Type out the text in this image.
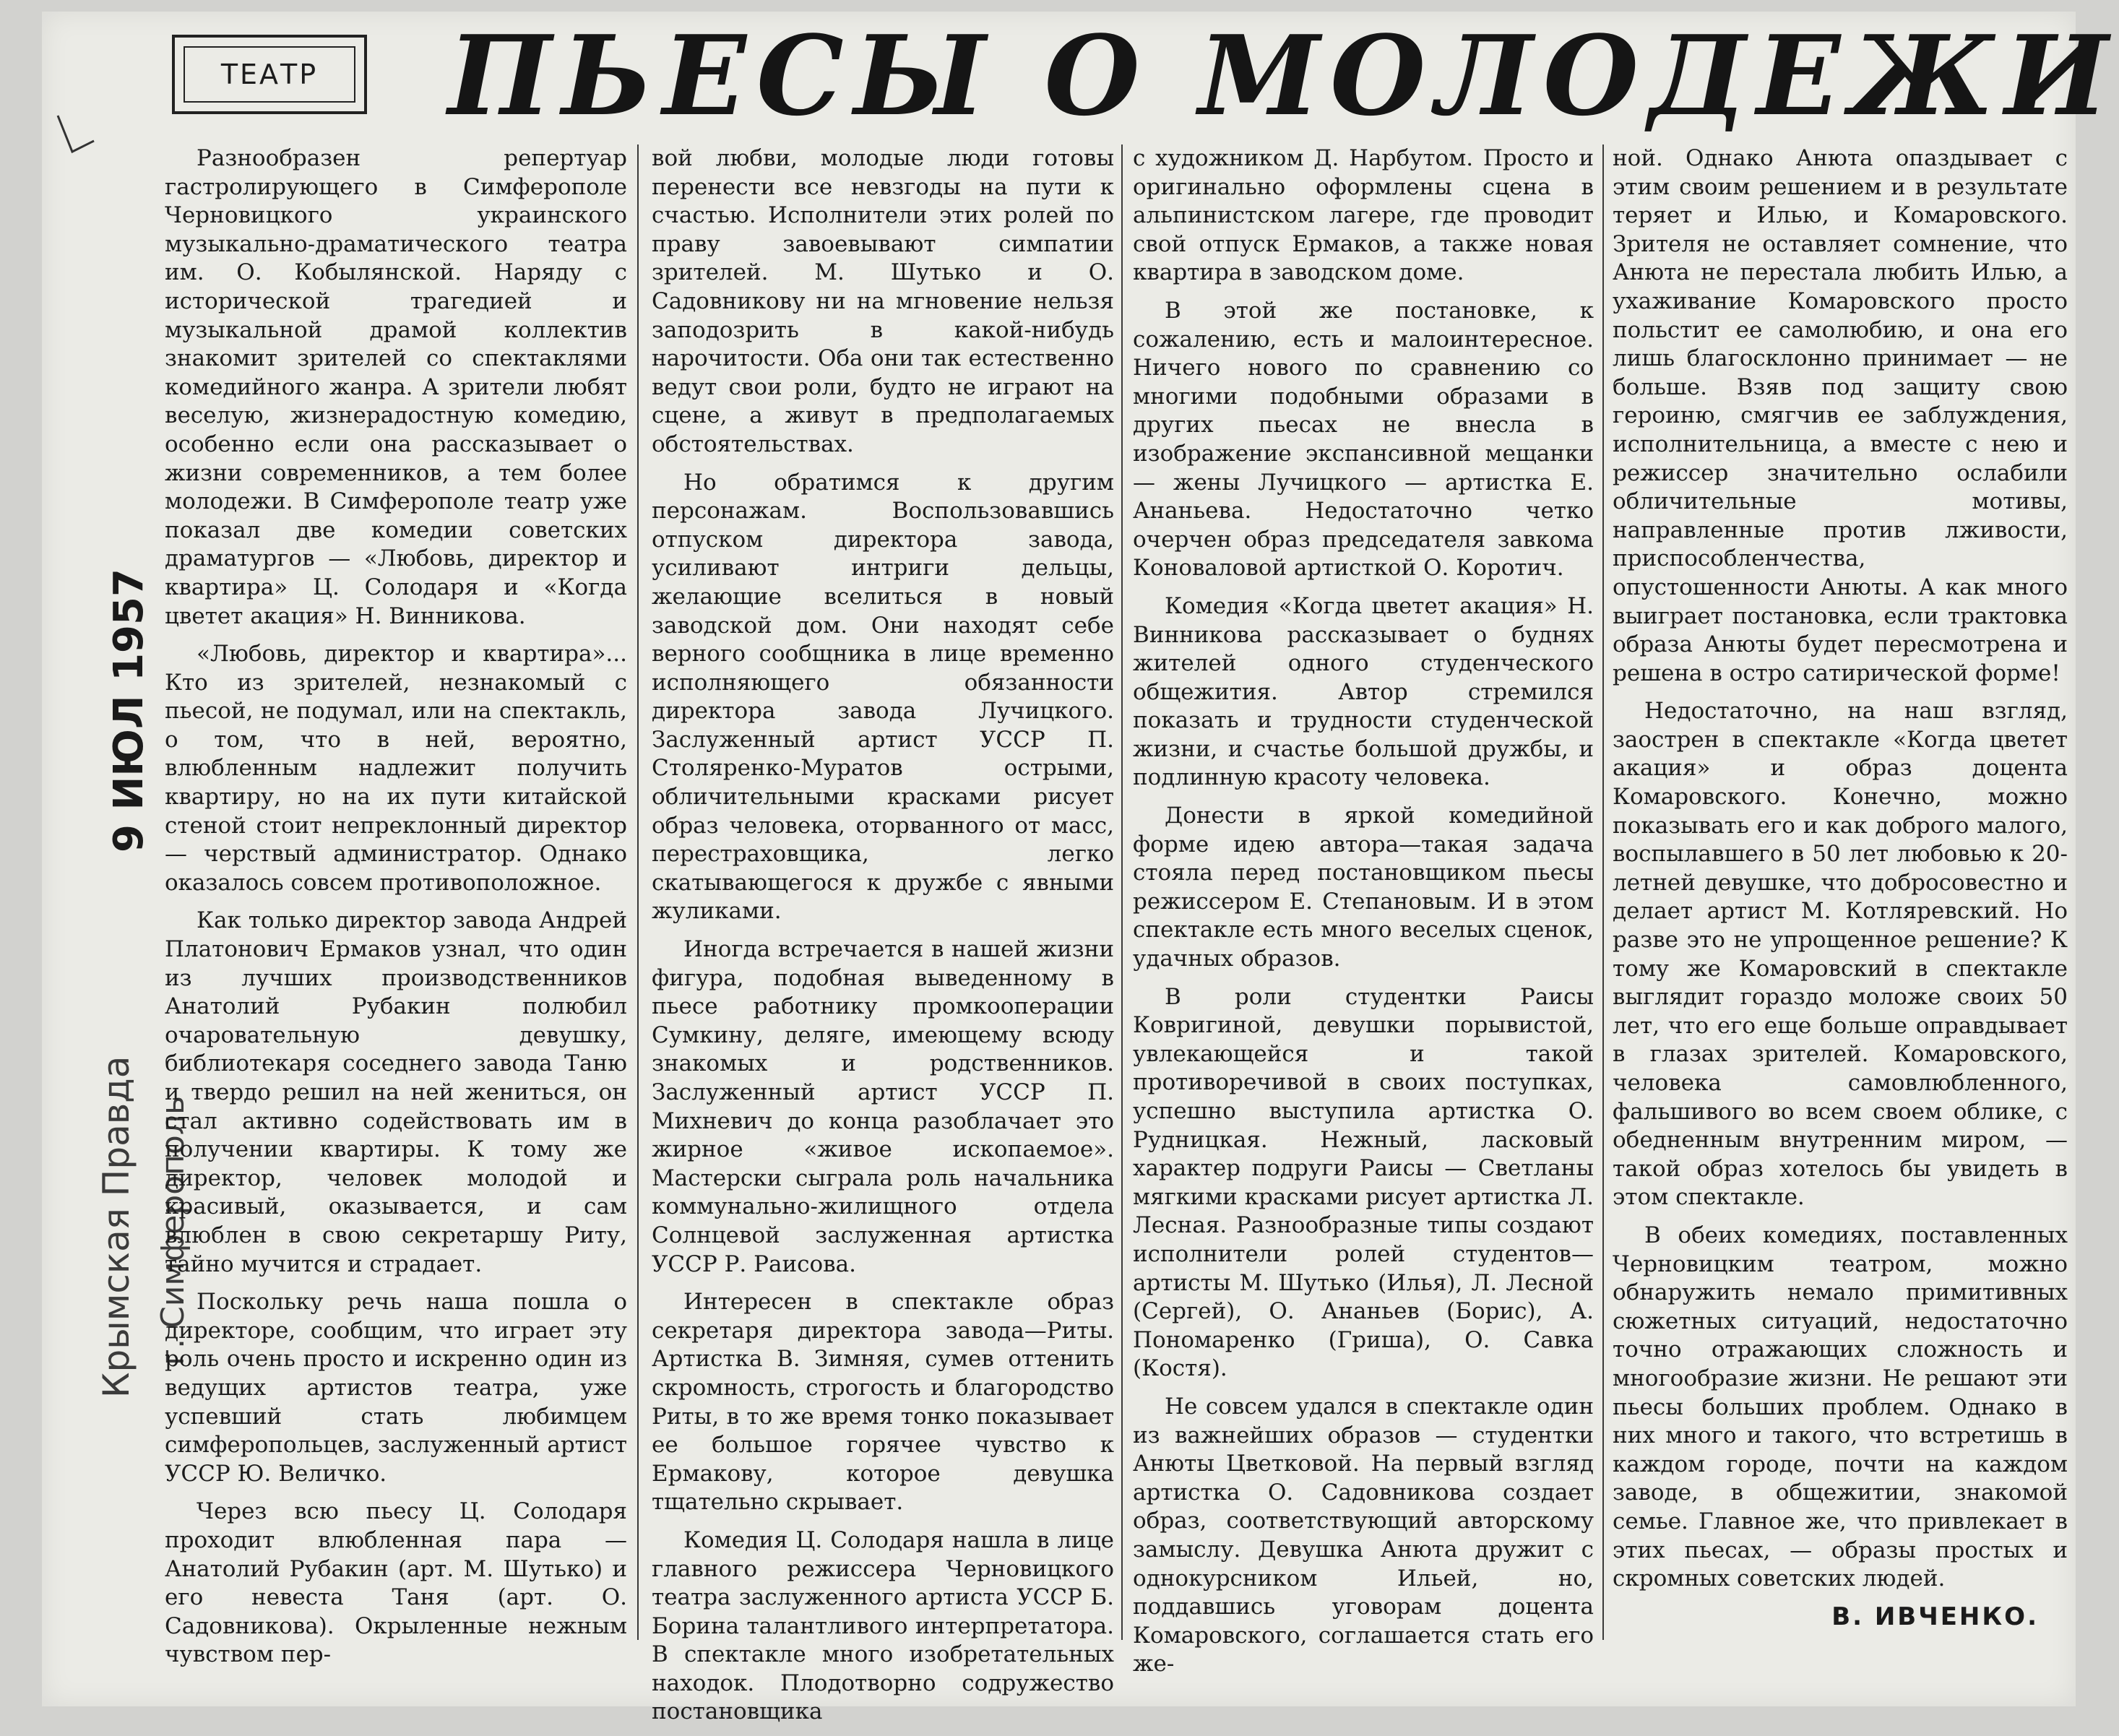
ТЕАТР	ПЬЕСЫ О МОЛОДЕЖИ
Крымская Правда г. Симферополь
9 ИЮЛ 1957

Разнообразен репертуар гастролирующего в Симферополе Черновицкого украинского музыкально-драматического театра им. О. Кобылянской. Наряду с исторической трагедией и музыкальной драмой коллектив знакомит зрителей со спектаклями комедийного жанра. А зрители любят веселую, жизнерадостную комедию, особенно если она рассказывает о жизни современников, а тем более молодежи. В Симферополе театр уже показал две комедии советских драматургов — «Любовь, директор и квартира» Ц. Солодаря и «Когда цветет акация» Н. Винникова.

«Любовь, директор и квартира»... Кто из зрителей, незнакомый с пьесой, не подумал, или на спектакль, о том, что в ней, вероятно, влюбленным надлежит получить квартиру, но на их пути китайской стеной стоит непреклонный директор — черствый администратор. Однако оказалось совсем противоположное.

Как только директор завода Андрей Платонович Ермаков узнал, что один из лучших производственников Анатолий Рубакин полюбил очаровательную девушку, библиотекаря соседнего завода Таню и твердо решил на ней жениться, он стал активно содействовать им в получении квартиры. К тому же директор, человек молодой и красивый, оказывается, и сам влюблен в свою секретаршу Риту, тайно мучится и страдает.

Поскольку речь наша пошла о директоре, сообщим, что играет эту роль очень просто и искренно один из ведущих артистов театра, уже успевший стать любимцем симферопольцев, заслуженный артист УССР Ю. Величко.

Через всю пьесу Ц. Солодаря проходит влюбленная пара — Анатолий Рубакин (арт. М. Шутько) и его невеста Таня (арт. О. Садовникова). Окрыленные нежным чувством пер-

вой любви, молодые люди готовы перенести все невзгоды на пути к счастью. Исполнители этих ролей по праву завоевывают симпатии зрителей. М. Шутько и О. Садовникову ни на мгновение нельзя заподозрить в какой-нибудь нарочитости. Оба они так естественно ведут свои роли, будто не играют на сцене, а живут в предполагаемых обстоятельствах.

Но обратимся к другим персонажам. Воспользовавшись отпуском директора завода, усиливают интриги дельцы, желающие вселиться в новый заводской дом. Они находят себе верного сообщника в лице временно исполняющего обязанности директора завода Лучицкого. Заслуженный артист УССР П. Столяренко-Муратов острыми, обличительными красками рисует образ человека, оторванного от масс, перестраховщика, легко скатывающегося к дружбе с явными жуликами.

Иногда встречается в нашей жизни фигура, подобная выведенному в пьесе работнику промкооперации Сумкину, деляге, имеющему всюду знакомых и родственников. Заслуженный артист УССР П. Михневич до конца разоблачает это жирное «живое ископаемое». Мастерски сыграла роль начальника коммунально-жилищного отдела Солнцевой заслуженная артистка УССР Р. Раисова.

Интересен в спектакле образ секретаря директора завода—Риты. Артистка В. Зимняя, сумев оттенить скромность, строгость и благородство Риты, в то же время тонко показывает ее большое горячее чувство к Ермакову, которое девушка тщательно скрывает.

Комедия Ц. Солодаря нашла в лице главного режиссера Черновицкого театра заслуженного артиста УССР Б. Борина талантливого интерпретатора. В спектакле много изобретательных находок. Плодотворно содружество постановщика

с художником Д. Нарбутом. Просто и оригинально оформлены сцена в альпинистском лагере, где проводит свой отпуск Ермаков, а также новая квартира в заводском доме.

В этой же постановке, к сожалению, есть и малоинтересное. Ничего нового по сравнению со многими подобными образами в других пьесах не внесла в изображение экспансивной мещанки — жены Лучицкого — артистка Е. Ананьева. Недостаточно четко очерчен образ председателя завкома Коноваловой артисткой О. Коротич.

Комедия «Когда цветет акация» Н. Винникова рассказывает о буднях жителей одного студенческого общежития. Автор стремился показать и трудности студенческой жизни, и счастье большой дружбы, и подлинную красоту человека.

Донести в яркой комедийной форме идею автора—такая задача стояла перед постановщиком пьесы режиссером Е. Степановым. И в этом спектакле есть много веселых сценок, удачных образов.

В роли студентки Раисы Ковригиной, девушки порывистой, увлекающейся и такой противоречивой в своих поступках, успешно выступила артистка О. Рудницкая. Нежный, ласковый характер подруги Раисы — Светланы мягкими красками рисует артистка Л. Лесная. Разнообразные типы создают исполнители ролей студентов—артисты М. Шутько (Илья), Л. Лесной (Сергей), О. Ананьев (Борис), А. Пономаренко (Гриша), О. Савка (Костя).

Не совсем удался в спектакле один из важнейших образов — студентки Анюты Цветковой. На первый взгляд артистка О. Садовникова создает образ, соответствующий авторскому замыслу. Девушка Анюта дружит с однокурсником Ильей, но, поддавшись уговорам доцента Комаровского, соглашается стать его же-

ной. Однако Анюта опаздывает с этим своим решением и в результате теряет и Илью, и Комаровского. Зрителя не оставляет сомнение, что Анюта не перестала любить Илью, а ухаживание Комаровского просто польстит ее самолюбию, и она его лишь благосклонно принимает — не больше. Взяв под защиту свою героиню, смягчив ее заблуждения, исполнительница, а вместе с нею и режиссер значительно ослабили обличительные мотивы, направленные против лживости, приспособленчества, опустошенности Анюты. А как много выиграет постановка, если трактовка образа Анюты будет пересмотрена и решена в остро сатирической форме!

Недостаточно, на наш взгляд, заострен в спектакле «Когда цветет акация» и образ доцента Комаровского. Конечно, можно показывать его и как доброго малого, воспылавшего в 50 лет любовью к 20-летней девушке, что добросовестно и делает артист М. Котляревский. Но разве это не упрощенное решение? К тому же Комаровский в спектакле выглядит гораздо моложе своих 50 лет, что его еще больше оправдывает в глазах зрителей. Комаровского, человека самовлюбленного, фальшивого во всем своем облике, с обедненным внутренним миром, — такой образ хотелось бы увидеть в этом спектакле.

В обеих комедиях, поставленных Черновицким театром, можно обнаружить немало примитивных сюжетных ситуаций, недостаточно точно отражающих сложность и многообразие жизни. Не решают эти пьесы больших проблем. Однако в них много и такого, что встретишь в каждом городе, почти на каждом заводе, в общежитии, знакомой семье. Главное же, что привлекает в этих пьесах, — образы простых и скромных советских людей.

В. ИВЧЕНКО.
